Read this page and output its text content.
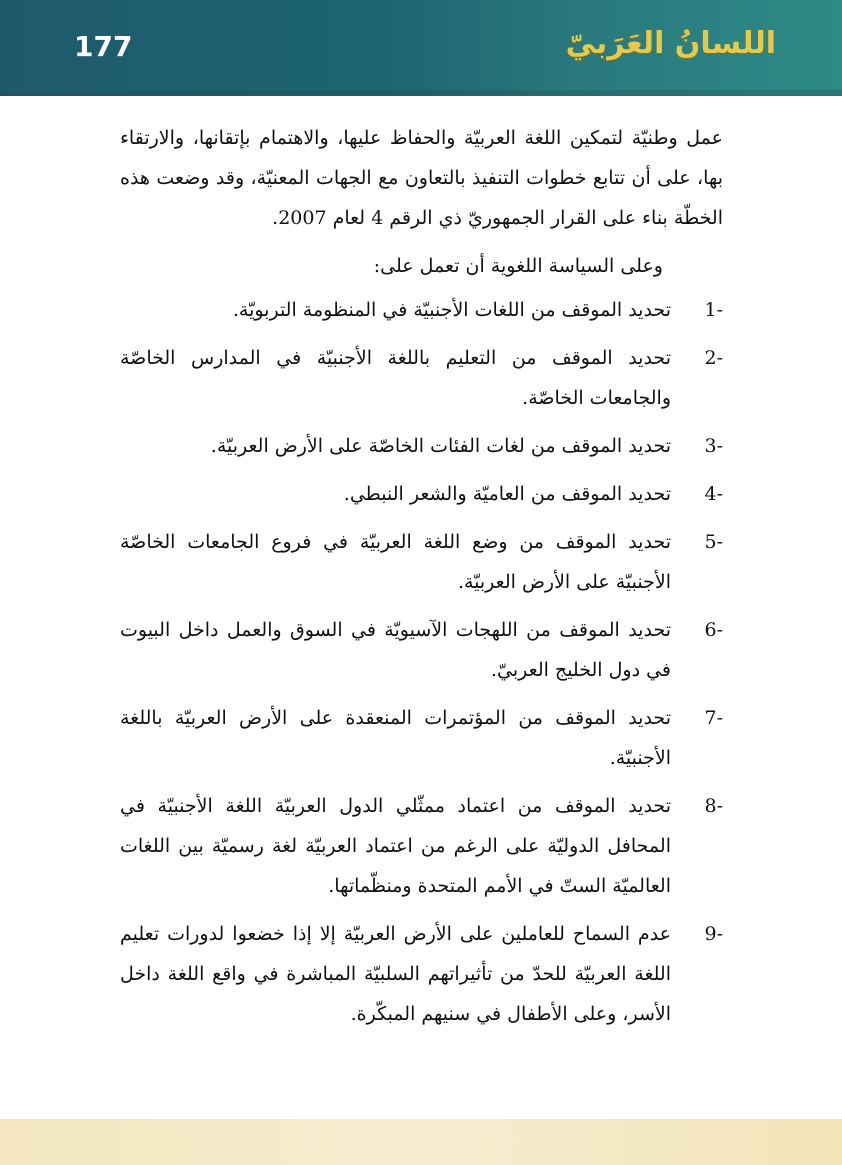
177	اللسانُ العَرَبيّ

عمل وطنيّة لتمكين اللغة العربيّة والحفاظ عليها، والاهتمام بإتقانها، والارتقاء بها، على أن تتابع خطوات التنفيذ بالتعاون مع الجهات المعنيّة، وقد وضعت هذه الخطّة بناء على القرار الجمهوريّ ذي الرقم 4 لعام 2007.

وعلى السياسة اللغوية أن تعمل على:

-1
تحديد الموقف من اللغات الأجنبيّة في المنظومة التربويّة.
-2
تحديد الموقف من التعليم باللغة الأجنبيّة في المدارس الخاصّة والجامعات الخاصّة.
-3
تحديد الموقف من لغات الفئات الخاصّة على الأرض العربيّة.
-4
تحديد الموقف من العاميّة والشعر النبطي.
-5
تحديد الموقف من وضع اللغة العربيّة في فروع الجامعات الخاصّة الأجنبيّة على الأرض العربيّة.
-6
تحديد الموقف من اللهجات الآسيويّة في السوق والعمل داخل البيوت في دول الخليج العربيّ.
-7
تحديد الموقف من المؤتمرات المنعقدة على الأرض العربيّة باللغة الأجنبيّة.
-8
تحديد الموقف من اعتماد ممثّلي الدول العربيّة اللغة الأجنبيّة في المحافل الدوليّة على الرغم من اعتماد العربيّة لغة رسميّة بين اللغات العالميّة الستّ في الأمم المتحدة ومنظّماتها.
-9
عدم السماح للعاملين على الأرض العربيّة إلا إذا خضعوا لدورات تعليم اللغة العربيّة للحدّ من تأثيراتهم السلبيّة المباشرة في واقع اللغة داخل الأسر، وعلى الأطفال في سنيهم المبكّرة.
